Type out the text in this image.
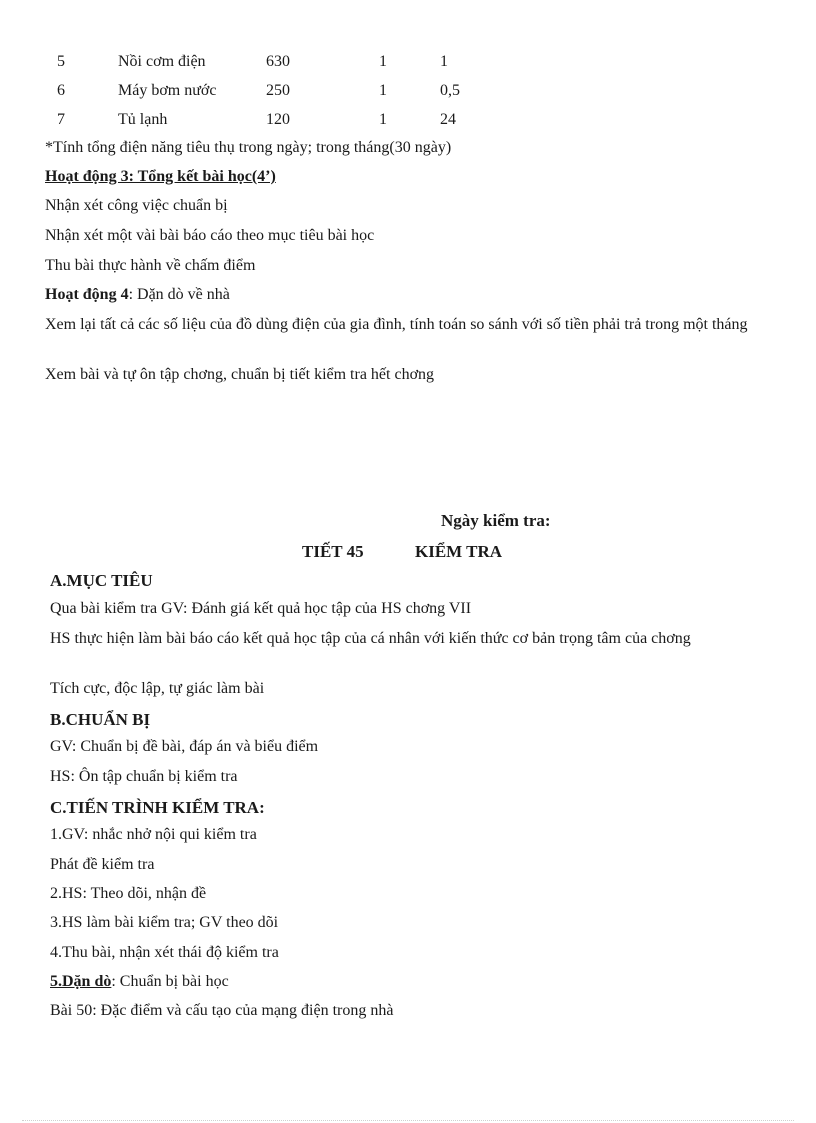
5	Nồi cơm điện	630	1	1
6	Máy bơm nước	250	1	0,5
7	Tủ lạnh	120	1	24
*Tính tổng điện năng tiêu thụ trong ngày; trong tháng(30 ngày)
Hoạt động 3: Tổng kết bài học(4’)
Nhận xét công việc chuẩn bị
Nhận xét một vài bài báo cáo theo mục tiêu bài học
Thu bài thực hành về chấm điểm
Hoạt động 4: Dặn dò về nhà
Xem lại tất cả các số liệu của đồ dùng điện của gia đình, tính toán so sánh với số tiền phải trả trong một tháng
Xem bài và tự ôn tập chơng, chuẩn bị tiết kiểm tra hết chơng
Ngày kiểm tra:
TIẾT 45	KIỂM TRA
A.MỤC TIÊU
Qua bài kiểm tra GV: Đánh giá kết quả học tập của HS chơng VII
HS thực hiện làm bài báo cáo kết quả học tập của cá nhân với kiến thức cơ bản trọng tâm của chơng
Tích cực, độc lập, tự giác làm bài
B.CHUẨN BỊ
GV: Chuẩn bị đề bài, đáp án và biểu điểm
HS: Ôn tập chuẩn bị kiểm tra
C.TIẾN TRÌNH KIỂM TRA:
1.GV: nhắc nhở nội qui kiểm tra
Phát đề kiểm tra
2.HS: Theo dõi, nhận đề
3.HS làm bài kiểm tra; GV theo dõi
4.Thu bài, nhận xét thái độ kiểm tra
5.Dặn dò: Chuẩn bị bài học
Bài 50: Đặc điểm và cấu tạo của mạng điện trong nhà
